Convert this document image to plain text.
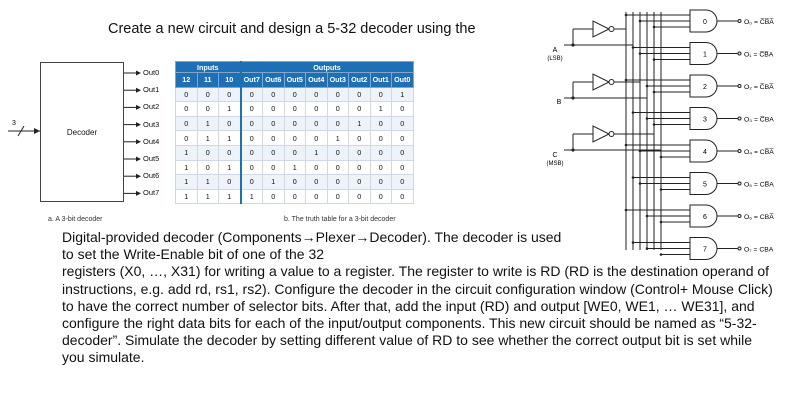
Create a new circuit and design a 5-32 decoder using the
3
Decoder
Out0
Out1
Out2
Out3
Out4
Out5
Out6
Out7
a. A 3-bit decoder
Inputs			Outputs							
12	11	10	Out7	Out6	Out5	Out4	Out3	Out2	Out1	Out0
0	0	0	0	0	0	0	0	0	0	1
0	0	1	0	0	0	0	0	0	1	0
0	1	0	0	0	0	0	0	1	0	0
0	1	1	0	0	0	0	1	0	0	0
1	0	0	0	0	0	1	0	0	0	0
1	0	1	0	0	1	0	0	0	0	0
1	1	0	0	1	0	0	0	0	0	0
1	1	1	1	0	0	0	0	0	0	0
b. The truth table for a 3-bit decoder
A
(LSB)
B
C
(MSB)
0	O₀ = C̅B̅A̅
1	O₁ = C̅B̅A
2	O₂ = C̅BA̅
3	O₃ = C̅BA
4	O₄ = CB̅A̅
5	O₅ = CB̅A
6	O₆ = CBA̅
7	O₇ = CBA

Digital-provided decoder (Components→Plexer→Decoder). The decoder is used to set the Write-Enable bit of one of the 32

registers (X0, …, X31) for writing a value to a register. The register to write is RD (RD is the destination operand of instructions, e.g. add rd, rs1, rs2). Configure the decoder in the circuit configuration window (Control+ Mouse Click) to have the correct number of selector bits. After that, add the input (RD) and output [WE0, WE1, … WE31], and configure the right data bits for each of the input/output components. This new circuit should be named as “5-32-decoder”. Simulate the decoder by setting different value of RD to see whether the correct output bit is set while you simulate.
